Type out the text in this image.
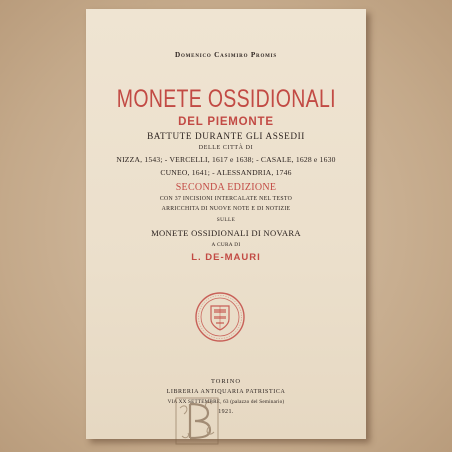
Domenico Casimiro Promis
MONETE OSSIDIONALI
DEL PIEMONTE
BATTUTE DURANTE GLI ASSEDII
DELLE CITTÀ DI
NIZZA, 1543; - VERCELLI, 1617 e 1638; - CASALE, 1628 e 1630
CUNEO, 1641; - ALESSANDRIA, 1746
SECONDA EDIZIONE
CON 37 INCISIONI INTERCALATE NEL TESTO
ARRICCHITA DI NUOVE NOTE E DI NOTIZIE
SULLE
MONETE OSSIDIONALI DI NOVARA
A CURA DI
L. DE-MAURI
TORINO
LIBRERIA ANTIQUARIA PATRISTICA
VIA XX SETTEMBRE, 63 (palazzo del Seminario)
1921.
